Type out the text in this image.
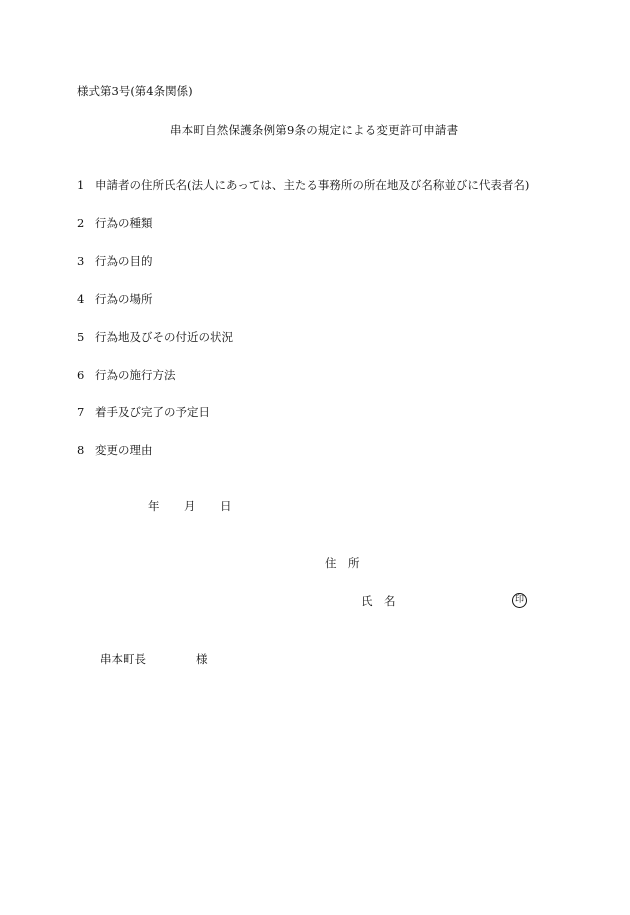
様式第3号(第4条関係)
串本町自然保護条例第9条の規定による変更許可申請書
1 申請者の住所氏名(法人にあっては、主たる事務所の所在地及び名称並びに代表者名)
2 行為の種類
3 行為の目的
4 行為の場所
5 行為地及びその付近の状況
6 行為の施行方法
7 着手及び完了の予定日
8 変更の理由
年 月 日
住　所
氏　名	印
串本町長	様
